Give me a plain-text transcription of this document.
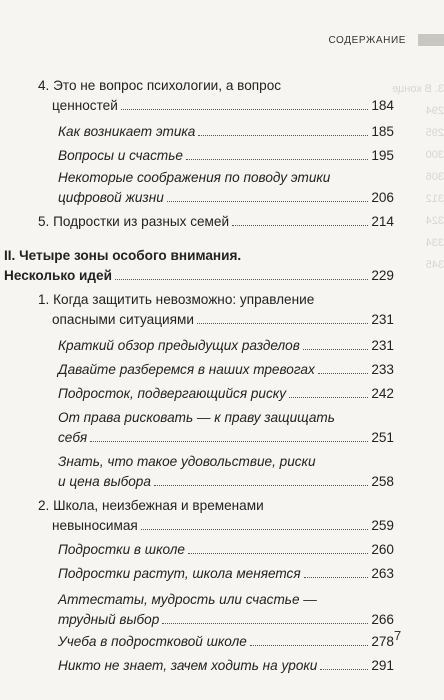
СОДЕРЖАНИЕ
3. В конце
294
295
300
306
312
324
334
345
4. Это не вопрос психологии, а вопрос
ценностей	184
Как возникает этика	185
Вопросы и счастье	195
Некоторые соображения по поводу этики
цифровой жизни	206
5. Подростки из разных семей	214
II. Четыре зоны особого внимания.
Несколько идей	229
1. Когда защитить невозможно: управление
опасными ситуациями	231
Краткий обзор предыдущих разделов	231
Давайте разберемся в наших тревогах	233
Подросток, подвергающийся риску	242
От права рисковать — к праву защищать
себя	251
Знать, что такое удовольствие, риски
и цена выбора	258
2. Школа, неизбежная и временами
невыносимая	259
Подростки в школе	260
Подростки растут, школа меняется	263
Аттестаты, мудрость или счастье —
трудный выбор	266
Учеба в подростковой школе	278
Никто не знает, зачем ходить на уроки	291
7
